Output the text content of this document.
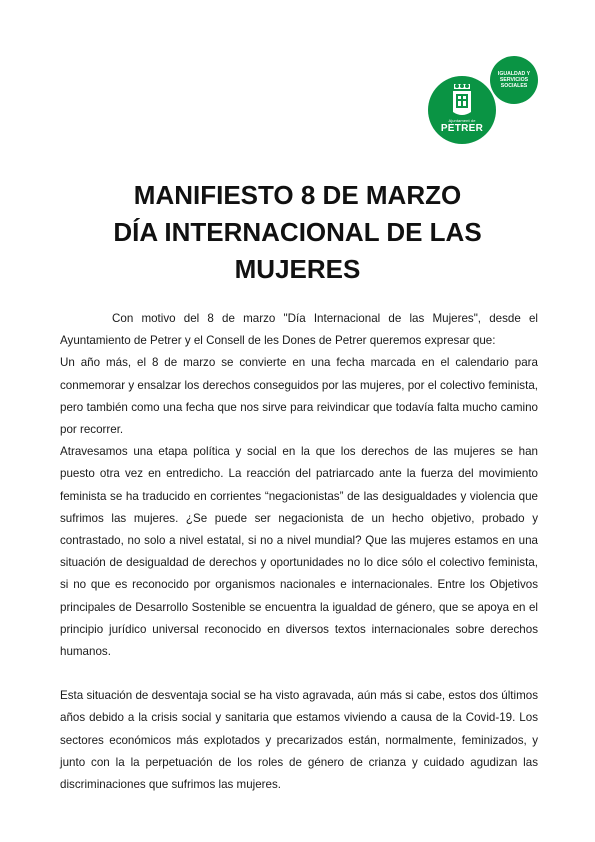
Ajuntament de
PETRER
IGUALDAD Y
SERVICIOS
SOCIALES
MANIFIESTO 8 DE MARZO
DÍA INTERNACIONAL DE LAS
MUJERES

Con motivo del 8 de marzo "Día Internacional de las Mujeres", desde el Ayuntamiento de Petrer y el Consell de les Dones de Petrer queremos expresar que:

Un año más, el 8 de marzo se convierte en una fecha marcada en el calendario para conmemorar y ensalzar los derechos conseguidos por las mujeres, por el colectivo feminista, pero también como una fecha que nos sirve para reivindicar que todavía falta mucho camino por recorrer.

Atravesamos una etapa política y social en la que los derechos de las mujeres se han puesto otra vez en entredicho. La reacción del patriarcado ante la fuerza del movimiento feminista se ha traducido en corrientes “negacionistas” de las desigualdades y violencia que sufrimos las mujeres. ¿Se puede ser negacionista de un hecho objetivo, probado y contrastado, no solo a nivel estatal, si no a nivel mundial? Que las mujeres estamos en una situación de desigualdad de derechos y oportunidades no lo dice sólo el colectivo feminista, si no que es reconocido por organismos nacionales e internacionales. Entre los Objetivos principales de Desarrollo Sostenible se encuentra la igualdad de género, que se apoya en el principio jurídico universal reconocido en diversos textos internacionales sobre derechos humanos.

Esta situación de desventaja social se ha visto agravada, aún más si cabe, estos dos últimos años debido a la crisis social y sanitaria que estamos viviendo a causa de la Covid-19. Los sectores económicos más explotados y precarizados están, normalmente, feminizados, y junto con la la perpetuación de los roles de género de crianza y cuidado agudizan las discriminaciones que sufrimos las mujeres.
